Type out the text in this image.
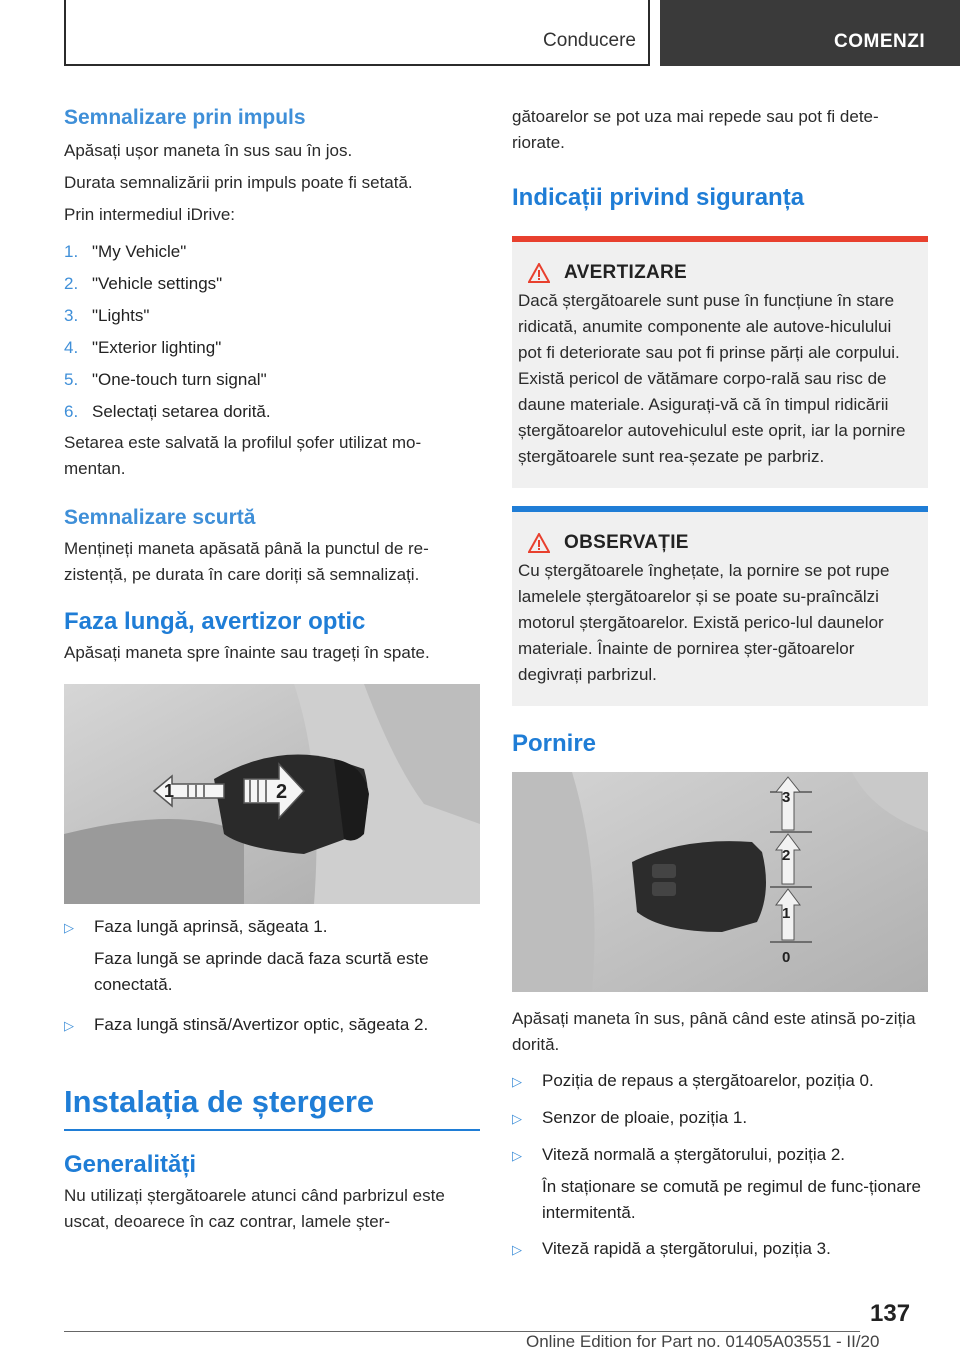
Conducere	COMENZI
Semnalizare prin impuls

Apăsați ușor maneta în sus sau în jos.

Durata semnalizării prin impuls poate fi setată.

Prin intermediul iDrive:

1. "My Vehicle"
2. "Vehicle settings"
3. "Lights"
4. "Exterior lighting"
5. "One-touch turn signal"
6. Selectați setarea dorită.

Setarea este salvată la profilul șofer utilizat mo-mentan.

Semnalizare scurtă

Mențineți maneta apăsată până la punctul de re-zistență, pe durata în care doriți să semnalizați.

Faza lungă, avertizor optic

Apăsați maneta spre înainte sau trageți în spate.

1	2
▷	Faza lungă aprinsă, săgeata 1.
Faza lungă se aprinde dacă faza scurtă este conectată.
▷	Faza lungă stinsă/Avertizor optic, săgeata 2.
Instalația de ștergere
Generalități

Nu utilizați ștergătoarele atunci când parbrizul este uscat, deoarece în caz contrar, lamele șter-

gătoarelor se pot uza mai repede sau pot fi dete-riorate.

Indicații privind siguranța
AVERTIZARE

Dacă ștergătoarele sunt puse în funcțiune în stare ridicată, anumite componente ale autove-hiculului pot fi deteriorate sau pot fi prinse părți ale corpului. Există pericol de vătămare corpo-rală sau risc de daune materiale. Asigurați-vă că în timpul ridicării ștergătoarelor autovehiculul este oprit, iar la pornire ștergătoarele sunt rea-șezate pe parbriz.

OBSERVAȚIE

Cu ștergătoarele înghețate, la pornire se pot rupe lamelele ștergătoarelor și se poate su-praîncălzi motorul ștergătoarelor. Există perico-lul daunelor materiale. Înainte de pornirea șter-gătoarelor degivrați parbrizul.

Pornire
3
2
1
0

Apăsați maneta în sus, până când este atinsă po-ziția dorită.

▷	Poziția de repaus a ștergătoarelor, poziția 0.
▷	Senzor de ploaie, poziția 1.
▷	Viteză normală a ștergătorului, poziția 2.
În staționare se comută pe regimul de func-ționare intermitentă.
▷	Viteză rapidă a ștergătorului, poziția 3.
137
Online Edition for Part no. 01405A03551 - II/20
